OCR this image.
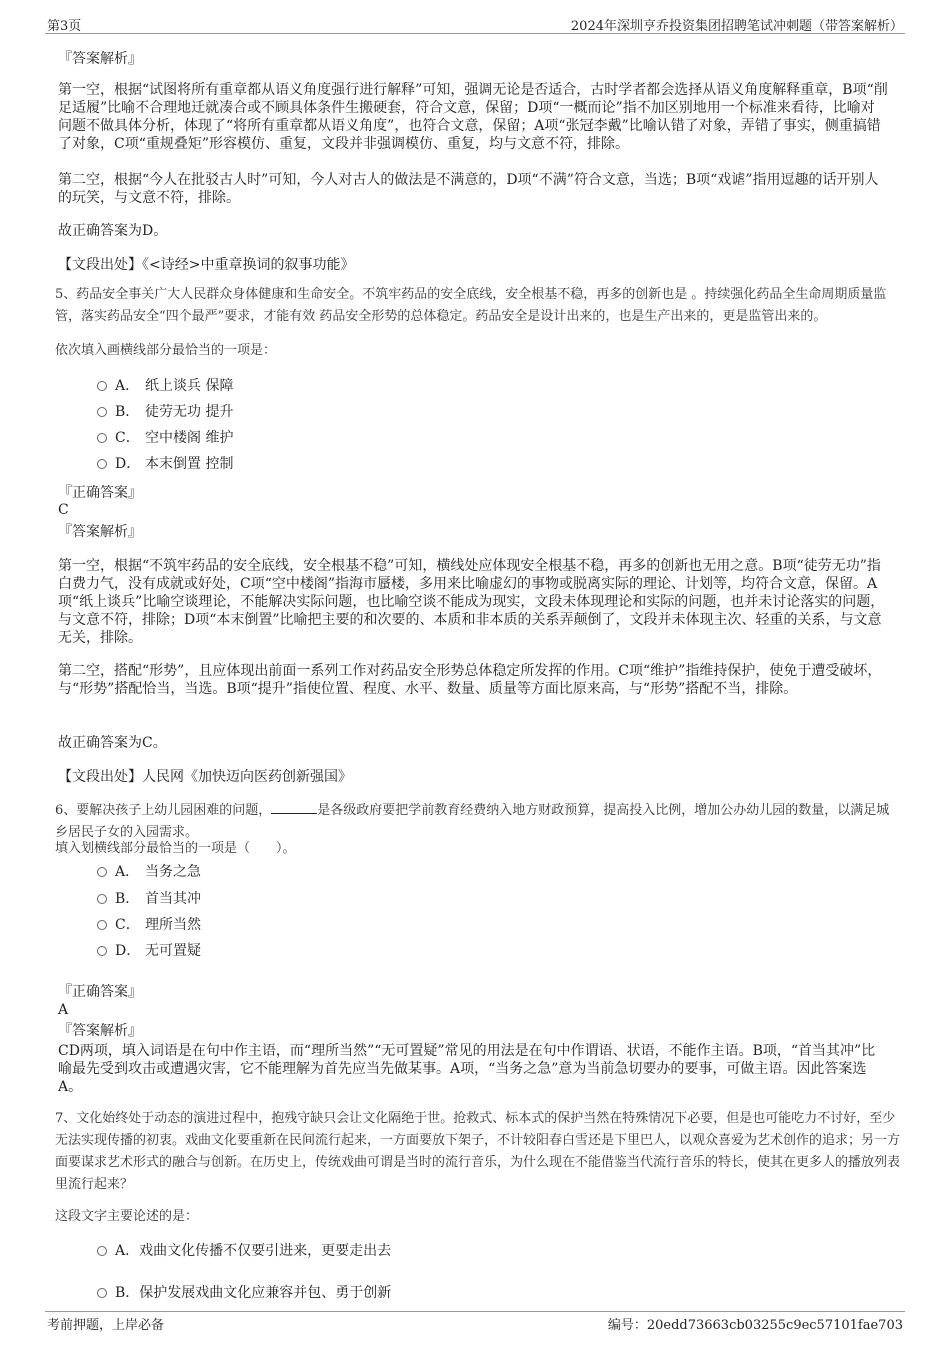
第3页	2024年深圳亨乔投资集团招聘笔试冲刺题（带答案解析）
『答案解析』
第一空，根据“试图将所有重章都从语义角度强行进行解释”可知，强调无论是否适合，古时学者都会选择从语义角度解释重章，B项“削足适履”比喻不合理地迁就凑合或不顾具体条件生搬硬套，符合文意，保留；D项“一概而论”指不加区别地用一个标准来看待，比喻对问题不做具体分析，体现了“将所有重章都从语义角度”，也符合文意，保留；A项“张冠李戴”比喻认错了对象，弄错了事实，侧重搞错了对象，C项“重规叠矩”形容模仿、重复，文段并非强调模仿、重复，均与文意不符，排除。
第二空，根据“今人在批驳古人时”可知，今人对古人的做法是不满意的，D项“不满”符合文意，当选；B项“戏谑”指用逗趣的话开别人的玩笑，与文意不符，排除。
故正确答案为D。
【文段出处】《<诗经>中重章换词的叙事功能》
5、药品安全事关广大人民群众身体健康和生命安全。不筑牢药品的安全底线，安全根基不稳，再多的创新也是 。持续强化药品全生命周期质量监管，落实药品安全“四个最严”要求，才能有效 药品安全形势的总体稳定。药品安全是设计出来的，也是生产出来的，更是监管出来的。
依次填入画横线部分最恰当的一项是：
A． 纸上谈兵 保障
B． 徒劳无功 提升
C． 空中楼阁 维护
D． 本末倒置 控制
『正确答案』
C
『答案解析』
第一空，根据“不筑牢药品的安全底线，安全根基不稳”可知，横线处应体现安全根基不稳，再多的创新也无用之意。B项“徒劳无功”指白费力气，没有成就或好处，C项“空中楼阁”指海市蜃楼，多用来比喻虚幻的事物或脱离实际的理论、计划等，均符合文意，保留。A项“纸上谈兵”比喻空谈理论，不能解决实际问题，也比喻空谈不能成为现实，文段未体现理论和实际的问题，也并未讨论落实的问题，与文意不符，排除；D项“本末倒置”比喻把主要的和次要的、本质和非本质的关系弄颠倒了，文段并未体现主次、轻重的关系，与文意无关，排除。
第二空，搭配“形势”，且应体现出前面一系列工作对药品安全形势总体稳定所发挥的作用。C项“维护”指维持保护，使免于遭受破坏，与“形势”搭配恰当，当选。B项“提升”指使位置、程度、水平、数量、质量等方面比原来高，与“形势”搭配不当，排除。
故正确答案为C。
【文段出处】人民网《加快迈向医药创新强国》
6、要解决孩子上幼儿园困难的问题，	是各级政府要把学前教育经费纳入地方财政预算，提高投入比例，增加公办幼儿园的数量，以满足城乡居民子女的入园需求。
填入划横线部分最恰当的一项是（　　）。
A． 当务之急
B． 首当其冲
C． 理所当然
D． 无可置疑
『正确答案』
A
『答案解析』
CD两项，填入词语是在句中作主语，而“理所当然”“无可置疑”常见的用法是在句中作谓语、状语，不能作主语。B项，“首当其冲”比喻最先受到攻击或遭遇灾害，它不能理解为首先应当先做某事。A项，“当务之急”意为当前急切要办的要事，可做主语。因此答案选A。
7、文化始终处于动态的演进过程中，抱残守缺只会让文化隔绝于世。抢救式、标本式的保护当然在特殊情况下必要，但是也可能吃力不讨好，至少无法实现传播的初衷。戏曲文化要重新在民间流行起来，一方面要放下架子，不计较阳春白雪还是下里巴人，以观众喜爱为艺术创作的追求；另一方面要谋求艺术形式的融合与创新。在历史上，传统戏曲可谓是当时的流行音乐，为什么现在不能借鉴当代流行音乐的特长，使其在更多人的播放列表里流行起来？
这段文字主要论述的是：
A．戏曲文化传播不仅要引进来，更要走出去
B．保护发展戏曲文化应兼容并包、勇于创新
考前押题，上岸必备	编号：20edd73663cb03255c9ec57101fae703
